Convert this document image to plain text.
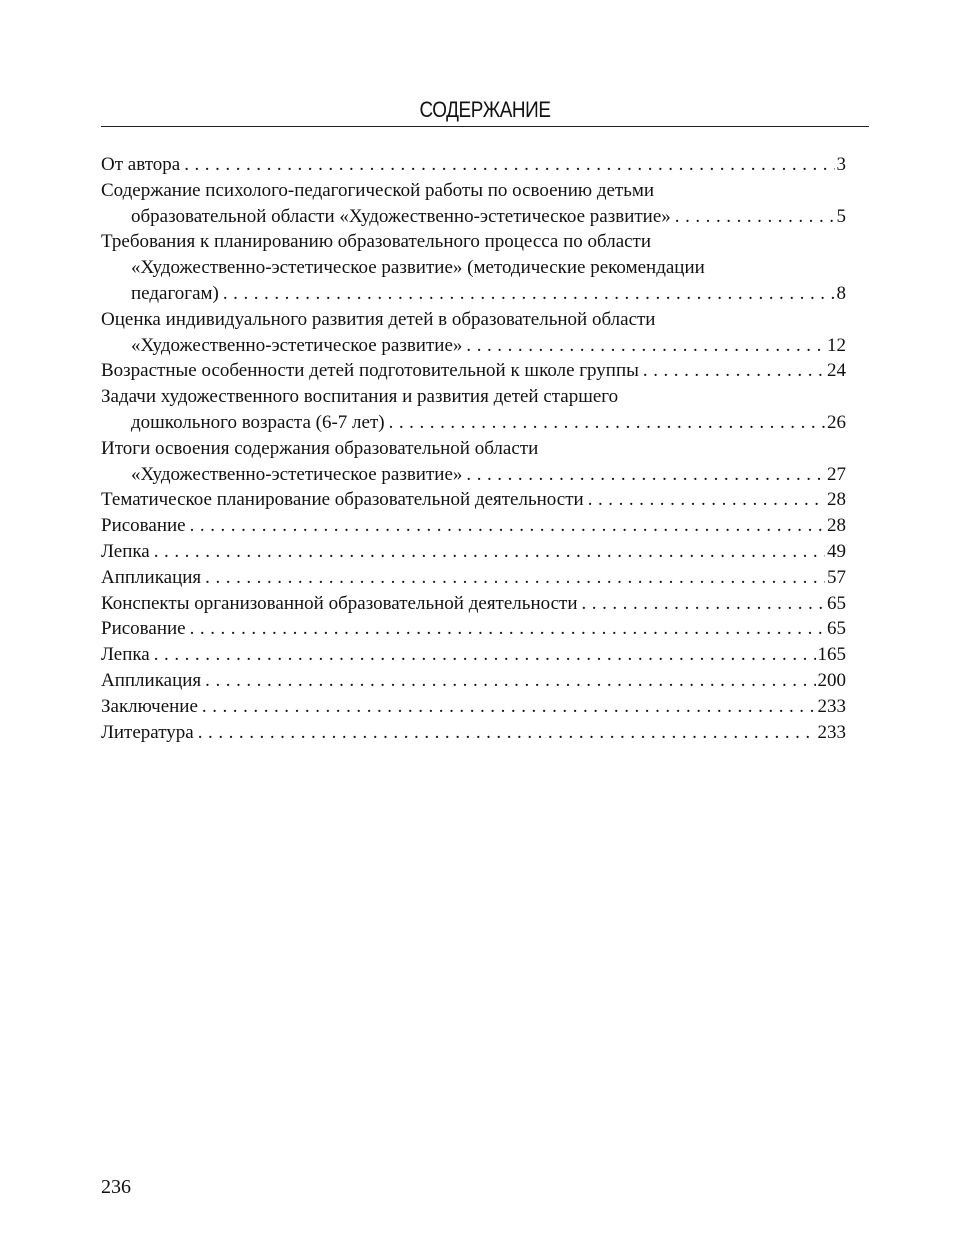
СОДЕРЖАНИЕ
От автора . . .	3
Содержание психолого-педагогической работы по освоению детьми
образовательной области «Художественно-эстетическое развитие» . . .	5
Требования к планированию образовательного процесса по области
«Художественно-эстетическое развитие» (методические рекомендации
педагогам) . . .	8
Оценка индивидуального развития детей в образовательной области
«Художественно-эстетическое развитие» . . .	12
Возрастные особенности детей подготовительной к школе группы . . .	24
Задачи художественного воспитания и развития детей старшего
дошкольного возраста (6-7 лет) . . .	26
Итоги освоения содержания образовательной области
«Художественно-эстетическое развитие» . . .	27
Тематическое планирование образовательной деятельности . . .	28
Рисование . . .	28
Лепка . . .	49
Аппликация . . .	57
Конспекты организованной образовательной деятельности . . .	65
Рисование . . .	65
Лепка . . .	165
Аппликация . . .	200
Заключение . . .	233
Литература . . .	233
236
